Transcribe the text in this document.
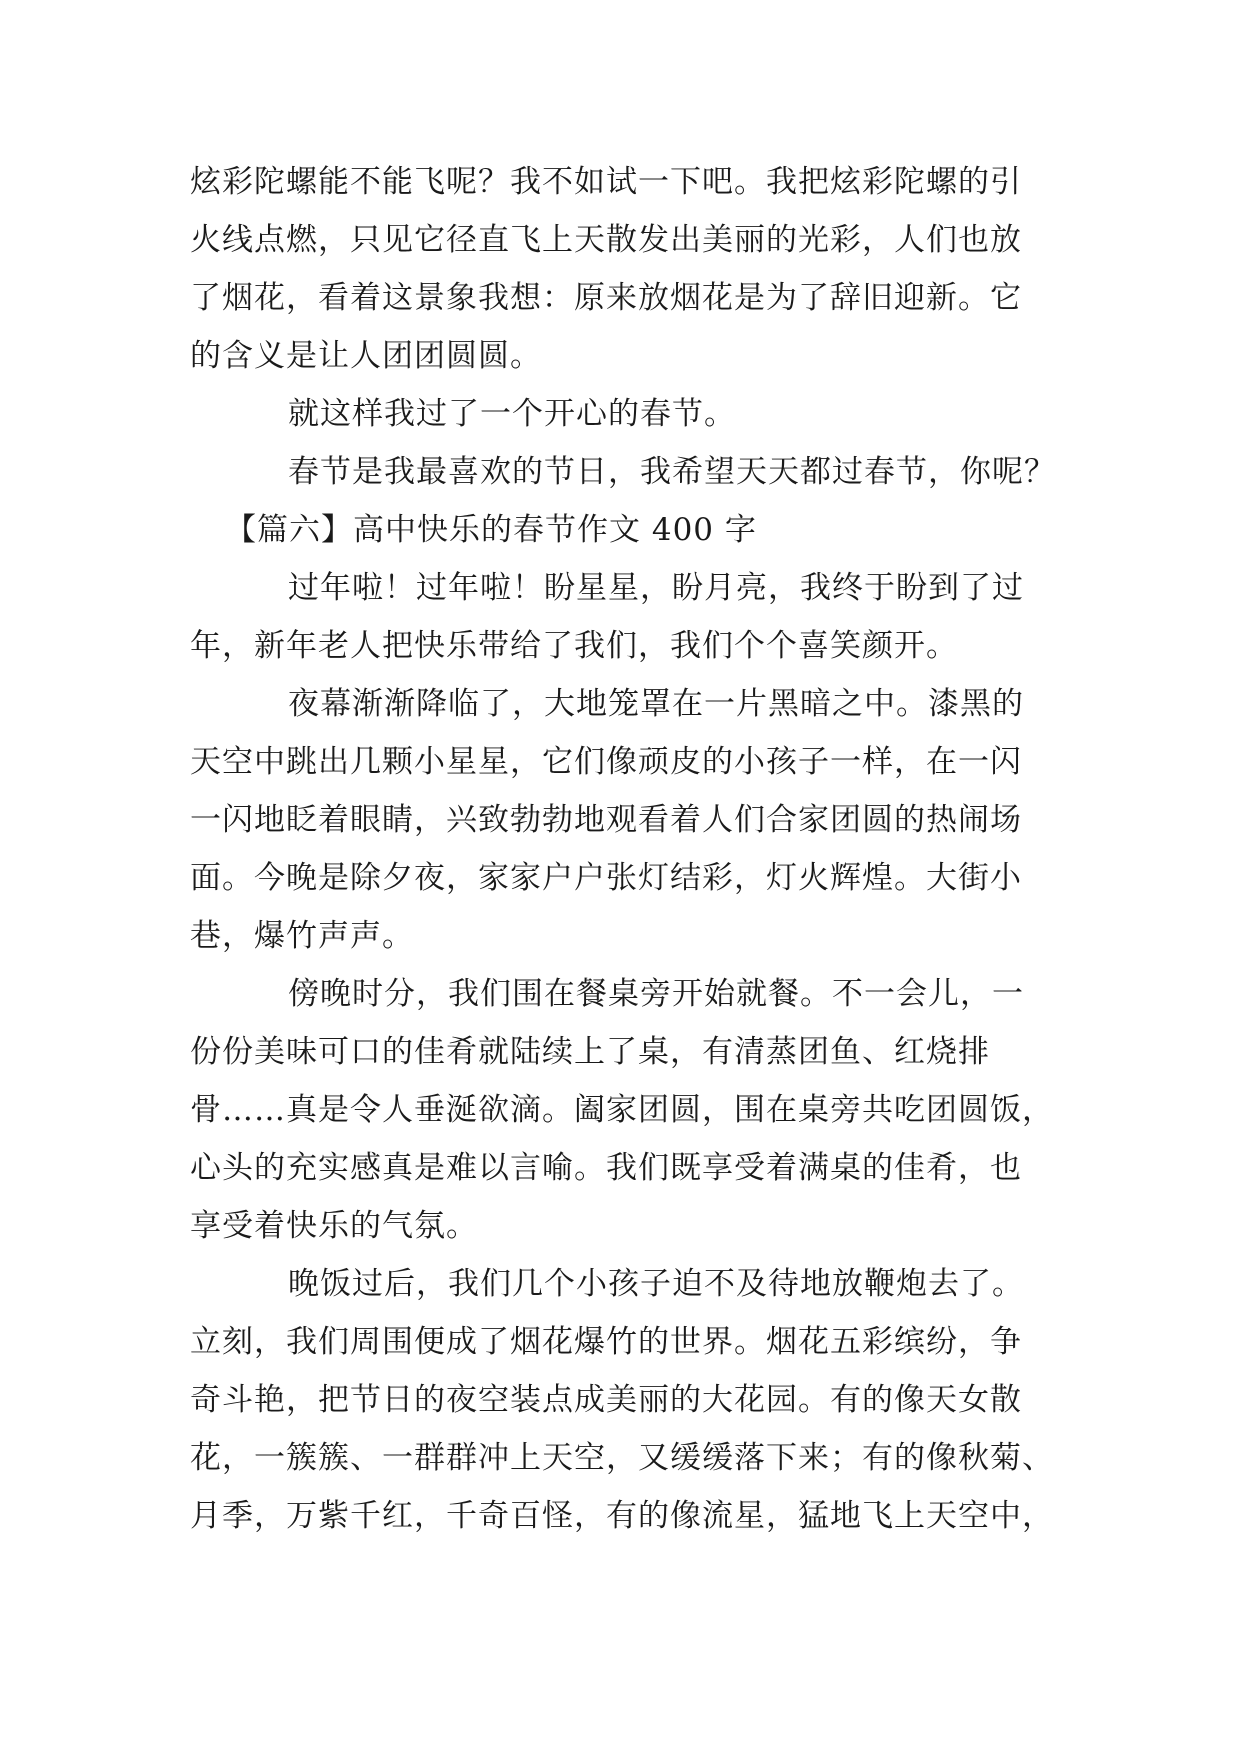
炫彩陀螺能不能飞呢？我不如试一下吧。我把炫彩陀螺的引
火线点燃，只见它径直飞上天散发出美丽的光彩，人们也放
了烟花，看着这景象我想：原来放烟花是为了辞旧迎新。它
的含义是让人团团圆圆。
就这样我过了一个开心的春节。
春节是我最喜欢的节日，我希望天天都过春节，你呢？
【篇六】高中快乐的春节作文 400 字
过年啦！过年啦！盼星星，盼月亮，我终于盼到了过
年，新年老人把快乐带给了我们，我们个个喜笑颜开。
夜幕渐渐降临了，大地笼罩在一片黑暗之中。漆黑的
天空中跳出几颗小星星，它们像顽皮的小孩子一样，在一闪
一闪地眨着眼睛，兴致勃勃地观看着人们合家团圆的热闹场
面。今晚是除夕夜，家家户户张灯结彩，灯火辉煌。大街小
巷，爆竹声声。
傍晚时分，我们围在餐桌旁开始就餐。不一会儿，一
份份美味可口的佳肴就陆续上了桌，有清蒸团鱼、红烧排
骨……真是令人垂涎欲滴。阖家团圆，围在桌旁共吃团圆饭，
心头的充实感真是难以言喻。我们既享受着满桌的佳肴，也
享受着快乐的气氛。
晚饭过后，我们几个小孩子迫不及待地放鞭炮去了。
立刻，我们周围便成了烟花爆竹的世界。烟花五彩缤纷，争
奇斗艳，把节日的夜空装点成美丽的大花园。有的像天女散
花，一簇簇、一群群冲上天空，又缓缓落下来；有的像秋菊、
月季，万紫千红，千奇百怪，有的像流星，猛地飞上天空中，
